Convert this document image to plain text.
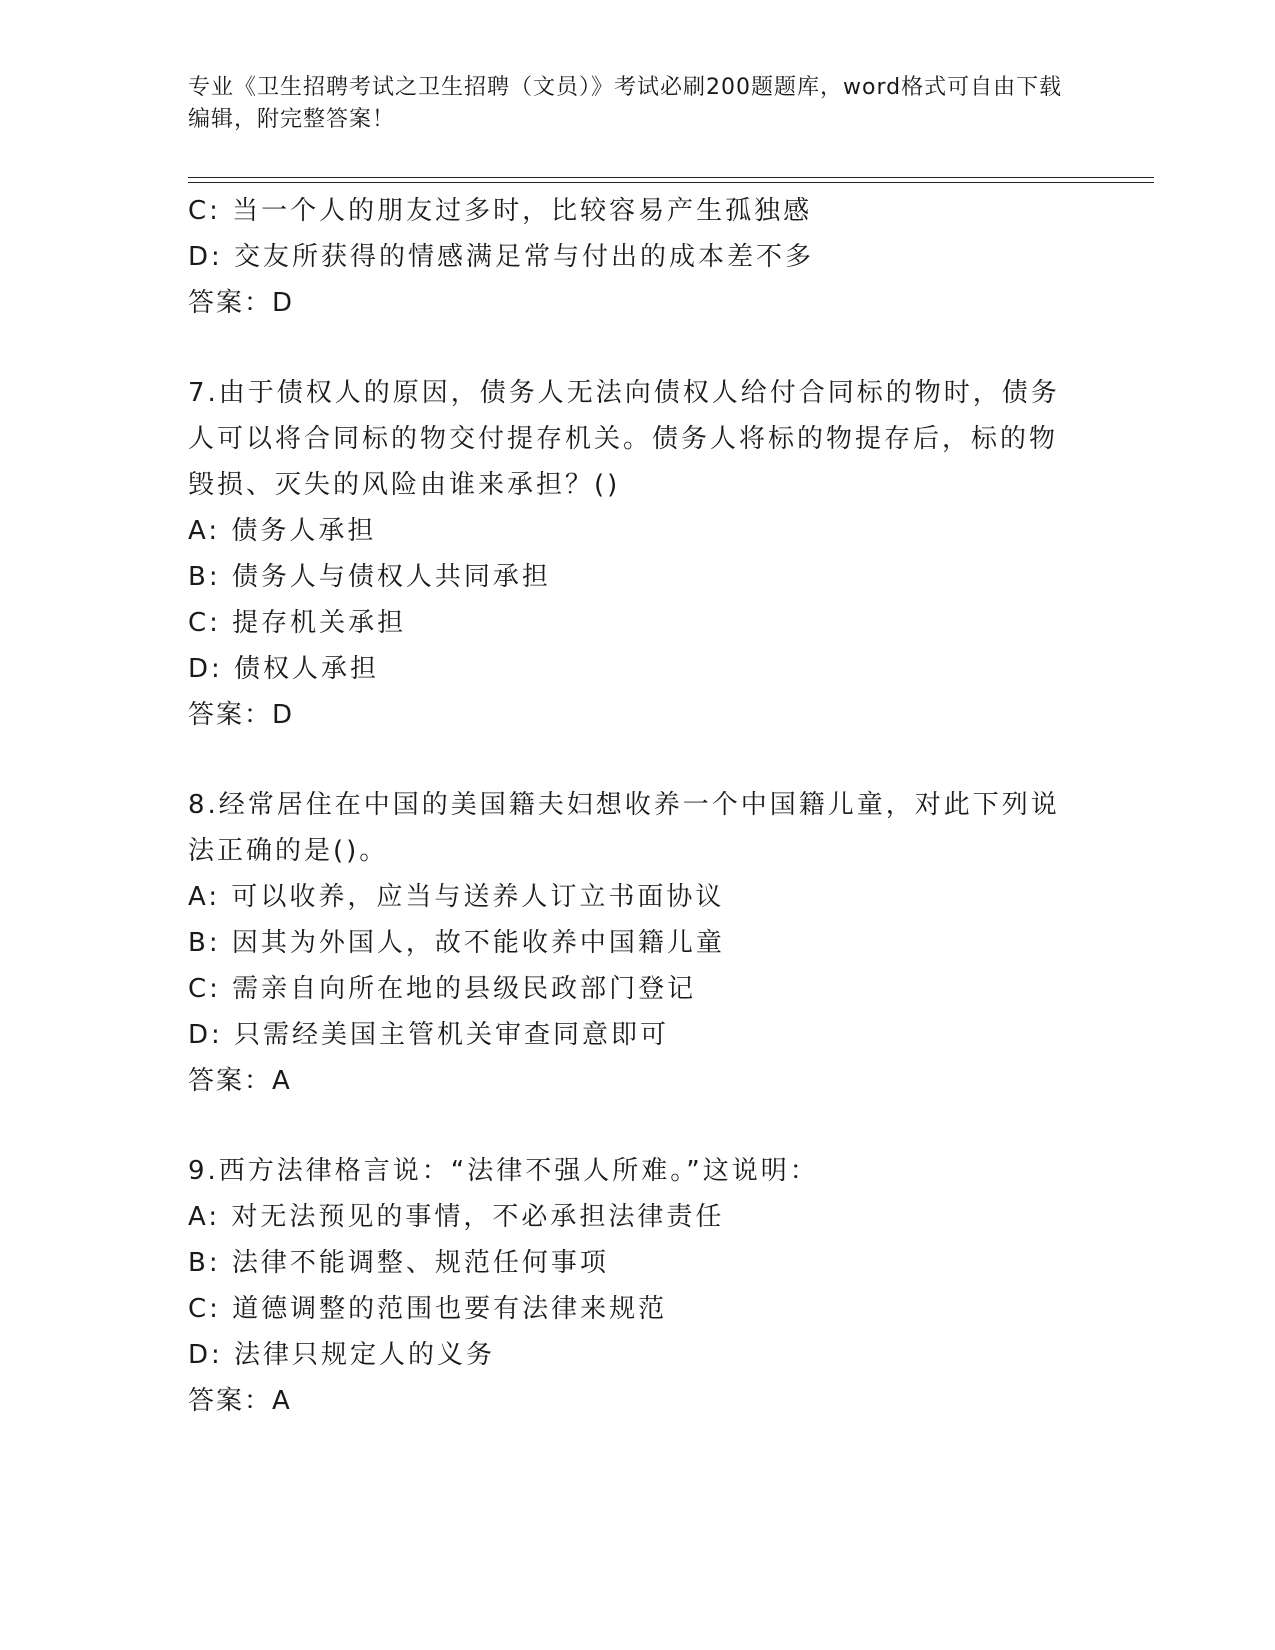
专业《卫生招聘考试之卫生招聘（文员）》考试必刷200题题库，word格式可自由下载编辑，附完整答案！
C: 当一个人的朋友过多时，比较容易产生孤独感
D: 交友所获得的情感满足常与付出的成本差不多
答案：D
7.由于债权人的原因，债务人无法向债权人给付合同标的物时，债务
人可以将合同标的物交付提存机关。债务人将标的物提存后，标的物
毁损、灭失的风险由谁来承担？()
A: 债务人承担
B: 债务人与债权人共同承担
C: 提存机关承担
D: 债权人承担
答案：D
8.经常居住在中国的美国籍夫妇想收养一个中国籍儿童，对此下列说
法正确的是()。
A: 可以收养，应当与送养人订立书面协议
B: 因其为外国人，故不能收养中国籍儿童
C: 需亲自向所在地的县级民政部门登记
D: 只需经美国主管机关审查同意即可
答案：A
9.西方法律格言说：“法律不强人所难。”这说明：
A: 对无法预见的事情，不必承担法律责任
B: 法律不能调整、规范任何事项
C: 道德调整的范围也要有法律来规范
D: 法律只规定人的义务
答案：A
